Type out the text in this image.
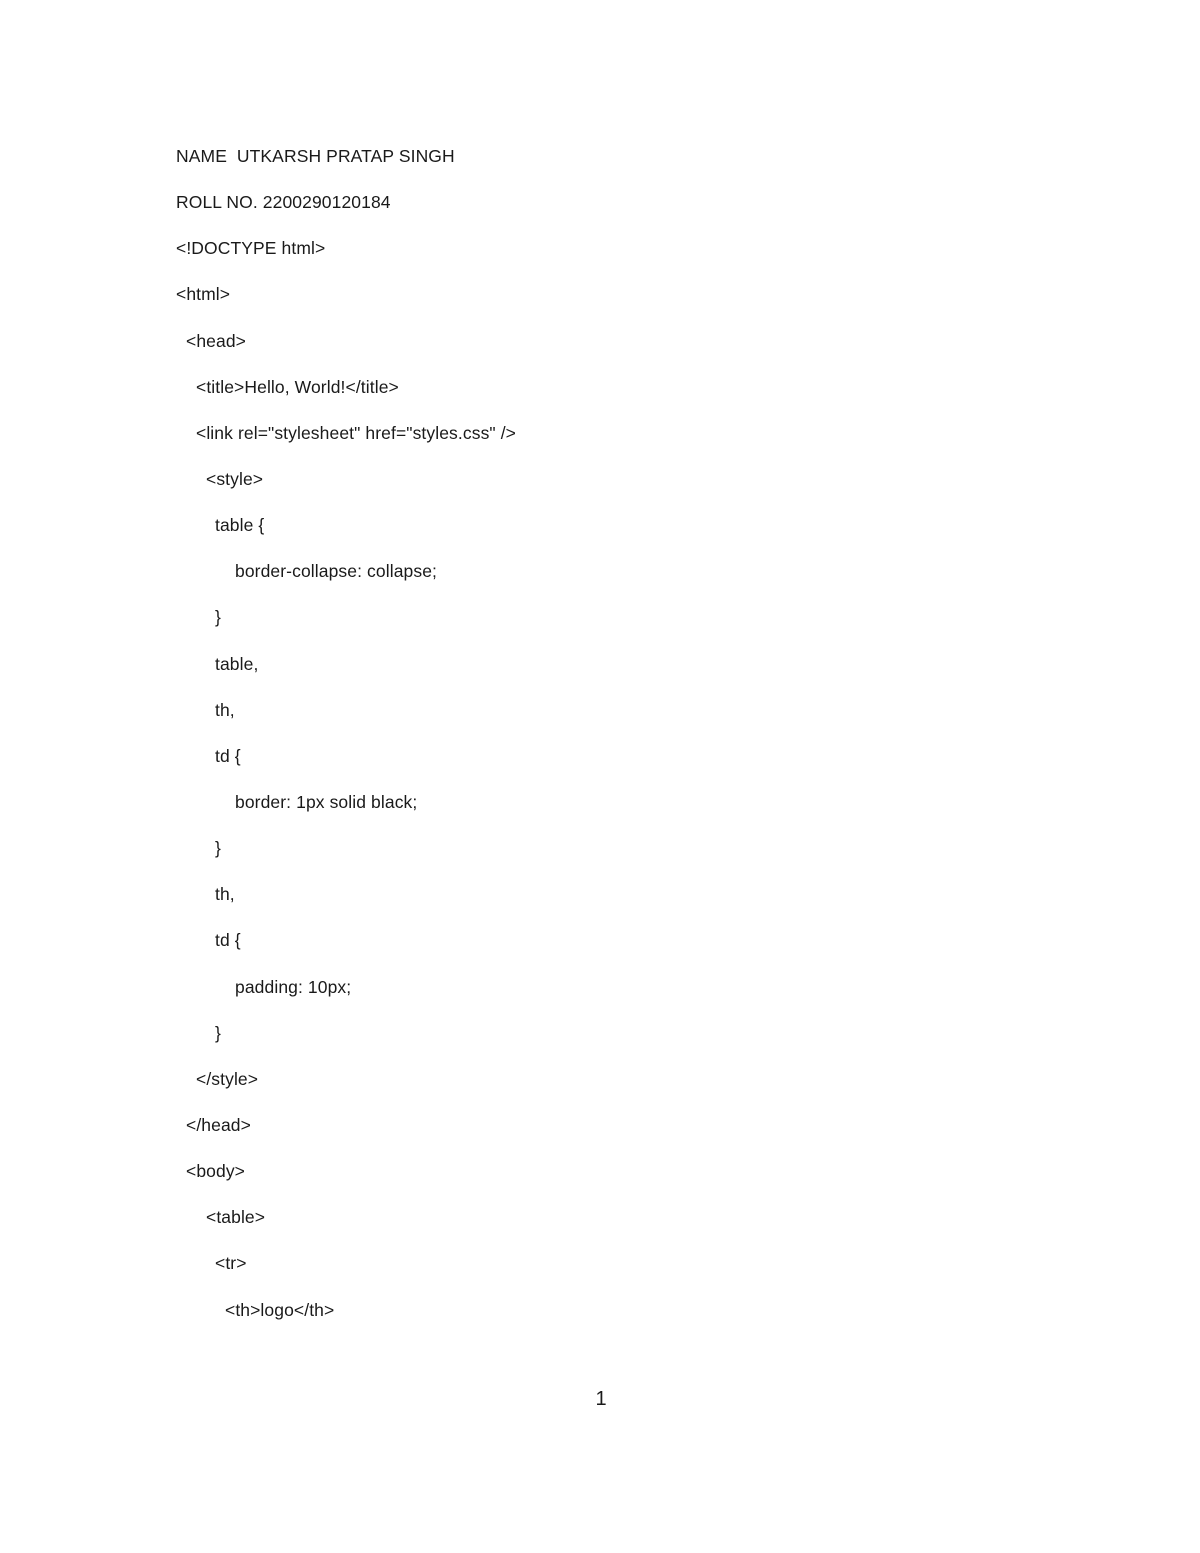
NAME  UTKARSH PRATAP SINGH
ROLL NO. 2200290120184
<!DOCTYPE html>
<html>
<head>
<title>Hello, World!</title>
<link rel="stylesheet" href="styles.css" />
<style>
table {
border-collapse: collapse;
}
table,
th,
td {
border: 1px solid black;
}
th,
td {
padding: 10px;
}
</style>
</head>
<body>
<table>
<tr>
<th>logo</th>
1
